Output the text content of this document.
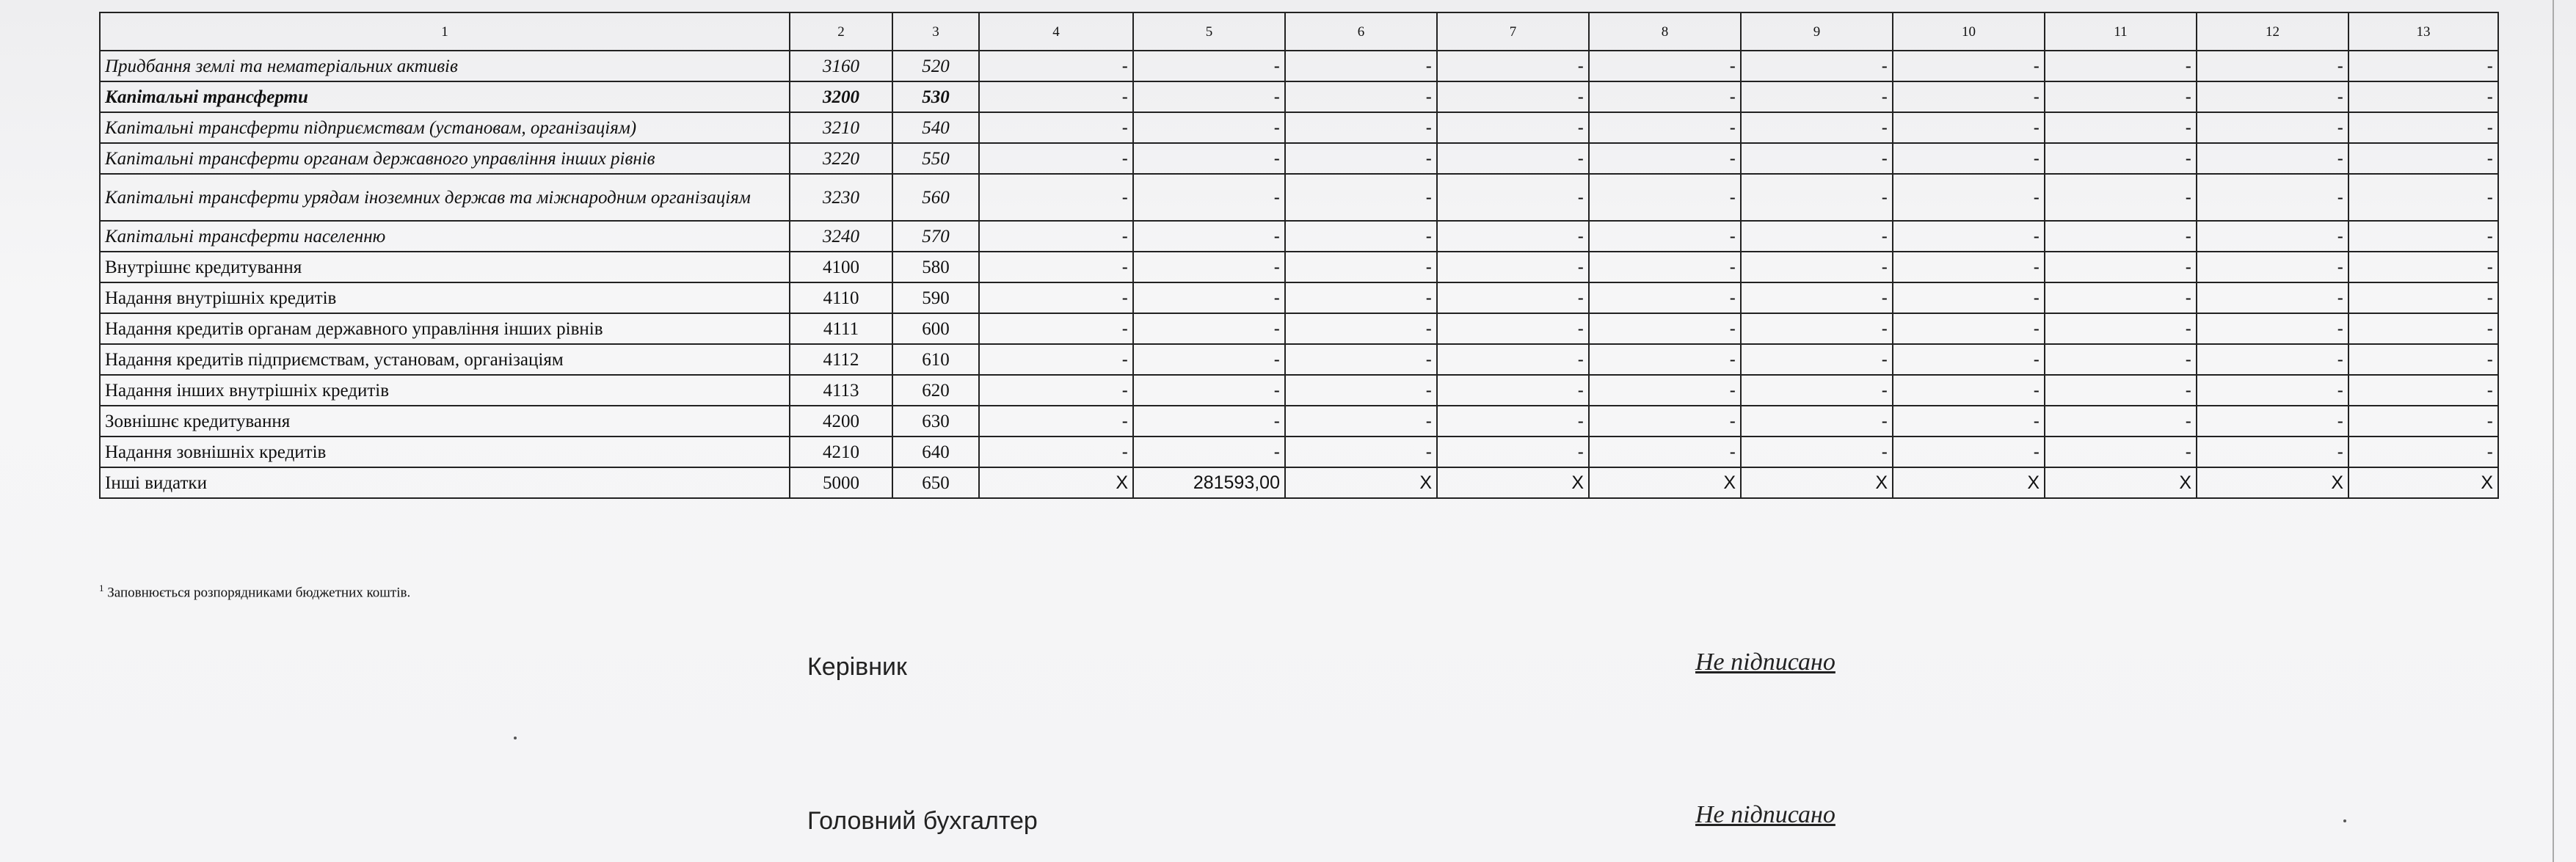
1	2	3	4	5	6	7	8	9	10	11	12	13
Придбання землі та нематеріальних активів	3160	520	-	-	-	-	-	-	-	-	-	-
Капітальні трансферти	3200	530	-	-	-	-	-	-	-	-	-	-
Капітальні трансферти підприємствам (установам, організаціям)	3210	540	-	-	-	-	-	-	-	-	-	-
Капітальні трансферти органам державного управління інших рівнів	3220	550	-	-	-	-	-	-	-	-	-	-
Капітальні трансферти урядам іноземних держав та міжнародним організаціям	3230	560	-	-	-	-	-	-	-	-	-	-
Капітальні трансферти населенню	3240	570	-	-	-	-	-	-	-	-	-	-
Внутрішнє кредитування	4100	580	-	-	-	-	-	-	-	-	-	-
Надання внутрішніх кредитів	4110	590	-	-	-	-	-	-	-	-	-	-
Надання кредитів органам державного управління інших рівнів	4111	600	-	-	-	-	-	-	-	-	-	-
Надання кредитів підприємствам, установам, організаціям	4112	610	-	-	-	-	-	-	-	-	-	-
Надання інших внутрішніх кредитів	4113	620	-	-	-	-	-	-	-	-	-	-
Зовнішнє кредитування	4200	630	-	-	-	-	-	-	-	-	-	-
Надання зовнішніх кредитів	4210	640	-	-	-	-	-	-	-	-	-	-
Інші видатки	5000	650	Х	281593,00	Х	Х	Х	Х	Х	Х	Х	Х
$^1$ Заповнюється розпорядниками бюджетних коштів.
Керівник	Не підписано
Головний бухгалтер	Не підписано
